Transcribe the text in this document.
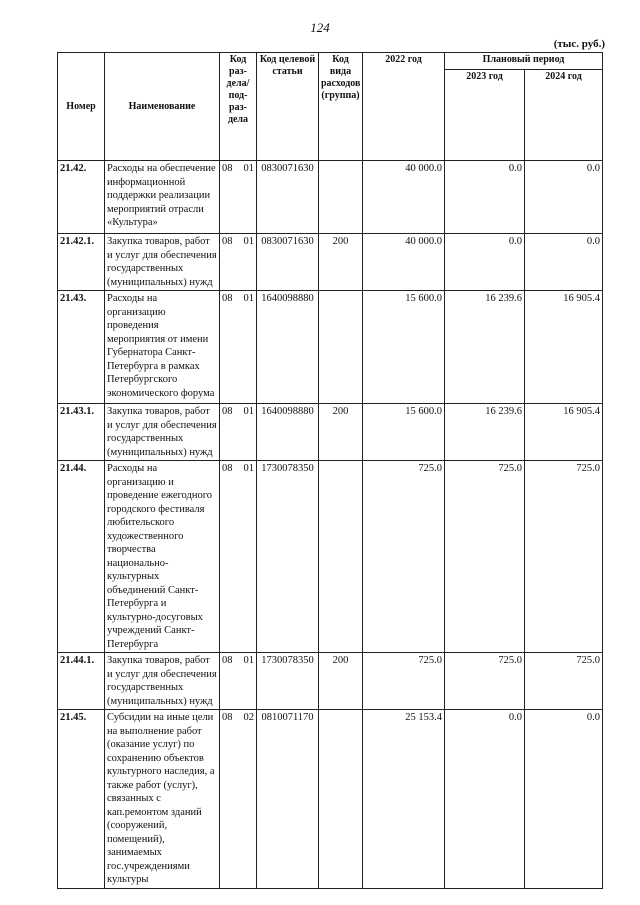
124
(тыс. руб.)
Номер	Наименование	Код раз-дела/ под-раз-дела	Код целевой статьи	Код вида расходов (группа)	2022 год	Плановый период	
						2023 год	2024 год
21.42.	Расходы на обеспечение информационной поддержки реализации мероприятий отрасли «Культура»	08 01	0830071630		40 000.0	0.0	0.0
21.42.1.	Закупка товаров, работ и услуг для обеспечения государственных (муниципальных) нужд	08 01	0830071630	200	40 000.0	0.0	0.0
21.43.	Расходы на организацию проведения мероприятия от имени Губернатора Санкт-Петербурга в рамках Петербургского экономического форума	08 01	1640098880		15 600.0	16 239.6	16 905.4
21.43.1.	Закупка товаров, работ и услуг для обеспечения государственных (муниципальных) нужд	08 01	1640098880	200	15 600.0	16 239.6	16 905.4
21.44.	Расходы на организацию и проведение ежегодного городского фестиваля любительского художественного творчества национально-культурных объединений Санкт-Петербурга и культурно-досуговых учреждений Санкт-Петербурга	08 01	1730078350		725.0	725.0	725.0
21.44.1.	Закупка товаров, работ и услуг для обеспечения государственных (муниципальных) нужд	08 01	1730078350	200	725.0	725.0	725.0
21.45.	Субсидии на иные цели на выполнение работ (оказание услуг) по сохранению объектов культурного наследия, а также работ (услуг), связанных с кап.ремонтом зданий (сооружений, помещений), занимаемых гос.учреждениями культуры	08 02	0810071170		25 153.4	0.0	0.0
